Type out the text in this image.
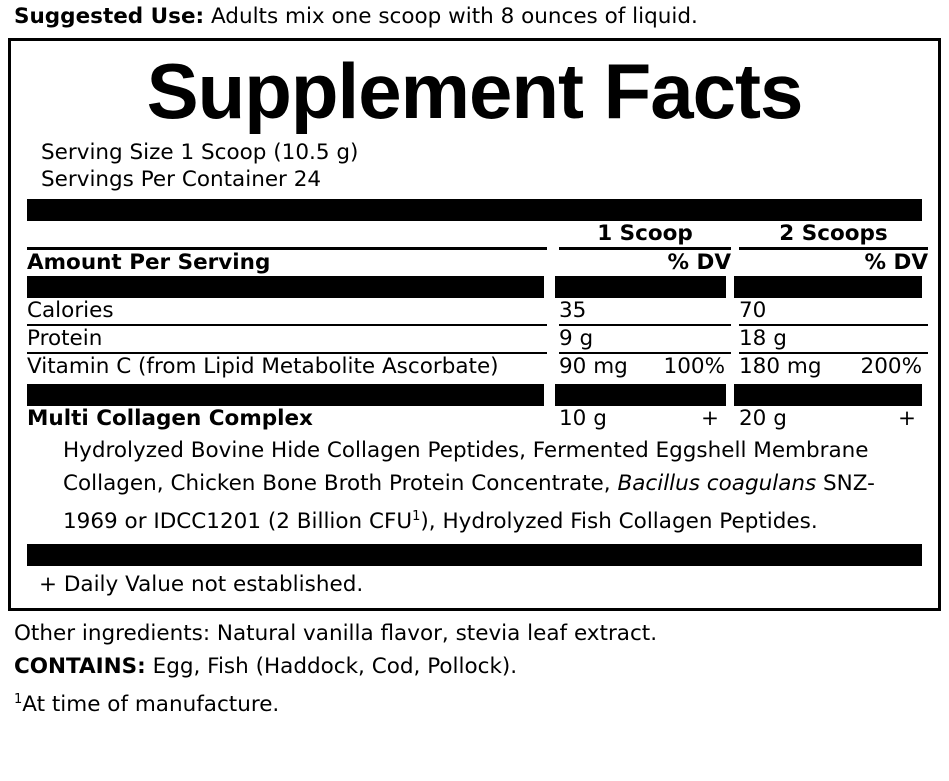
Suggested Use: Adults mix one scoop with 8 ounces of liquid.
Supplement Facts
Serving Size 1 Scoop (10.5 g)
Servings Per Container 24
		1 Scoop		2 Scoops

Amount Per Serving		% DV		% DV
Calories		35		70

Protein		9 g		18 g

Vitamin C (from Lipid Metabolite Ascorbate)		90 mg 100%		180 mg 200%
Multi Collagen Complex		10 g	+		20 g	+
Hydrolyzed Bovine Hide Collagen Peptides, Fermented Eggshell Membrane Collagen, Chicken Bone Broth Protein Concentrate, Bacillus coagulans SNZ-1969 or IDCC1201 (2 Billion CFU$^1$), Hydrolyzed Fish Collagen Peptides.
+ Daily Value not established.
Other ingredients: Natural vanilla flavor, stevia leaf extract.
CONTAINS: Egg, Fish (Haddock, Cod, Pollock).
$^1$At time of manufacture.
